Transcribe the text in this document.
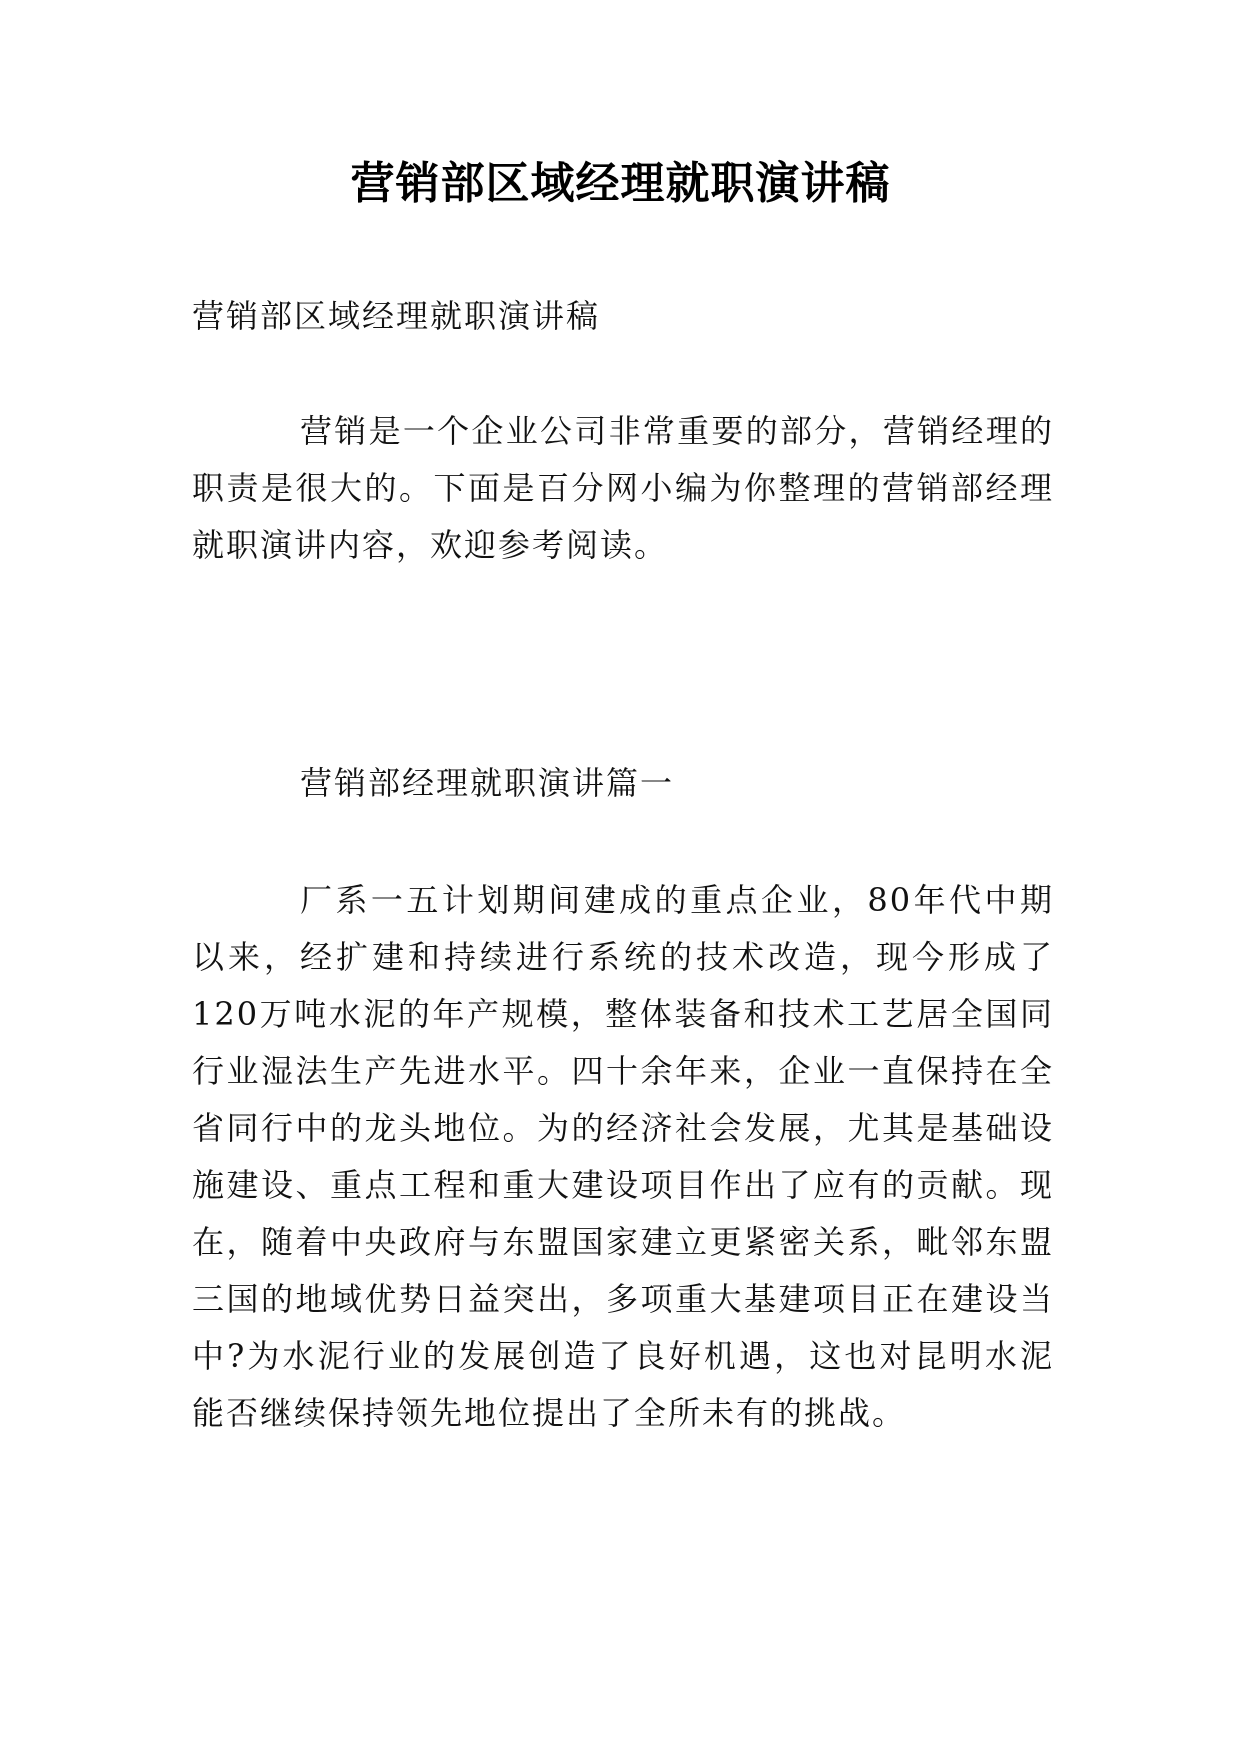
营销部区域经理就职演讲稿
营销部区域经理就职演讲稿
营销是一个企业公司非常重要的部分，营销经理的职责是很大的。下面是百分网小编为你整理的营销部经理就职演讲内容，欢迎参考阅读。
营销部经理就职演讲篇一
厂系一五计划期间建成的重点企业，80年代中期以来，经扩建和持续进行系统的技术改造，现今形成了120万吨水泥的年产规模，整体装备和技术工艺居全国同行业湿法生产先进水平。四十余年来，企业一直保持在全省同行中的龙头地位。为的经济社会发展，尤其是基础设施建设、重点工程和重大建设项目作出了应有的贡献。现在，随着中央政府与东盟国家建立更紧密关系，毗邻东盟三国的地域优势日益突出，多项重大基建项目正在建设当中?为水泥行业的发展创造了良好机遇，这也对昆明水泥能否继续保持领先地位提出了全所未有的挑战。
